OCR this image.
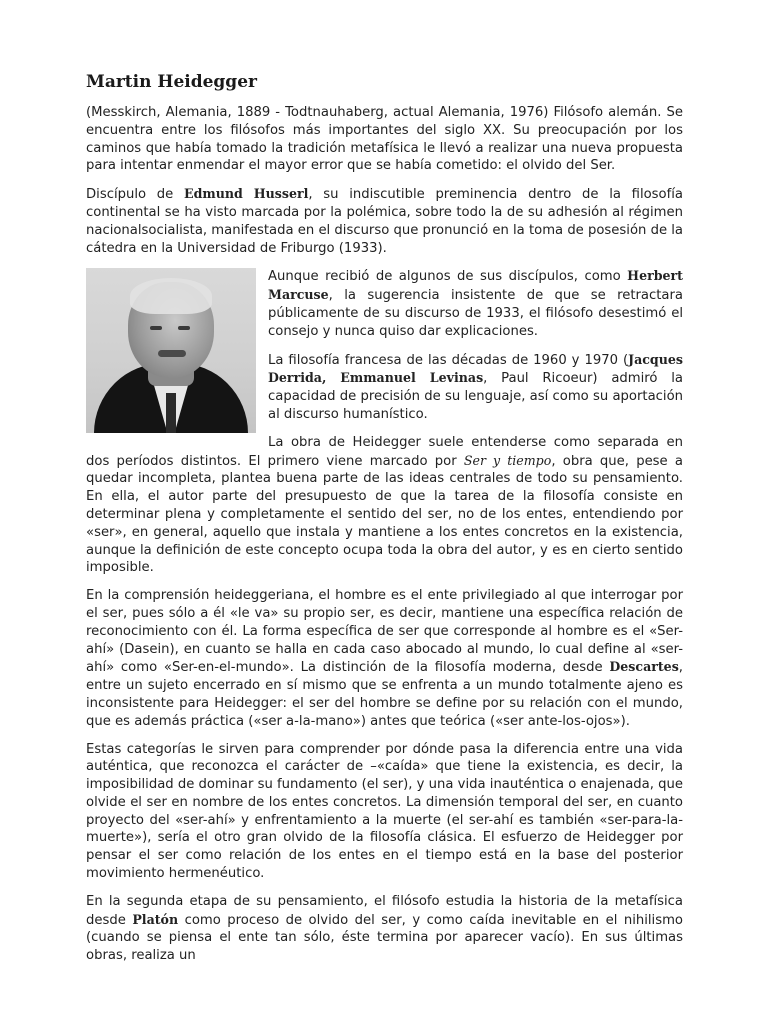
Martin Heidegger

(Messkirch, Alemania, 1889 - Todtnauhaberg, actual Alemania, 1976) Filósofo alemán. Se encuentra entre los filósofos más importantes del siglo XX. Su preocupación por los caminos que había tomado la tradición metafísica le llevó a realizar una nueva propuesta para intentar enmendar el mayor error que se había cometido: el olvido del Ser.

Discípulo de Edmund Husserl, su indiscutible preminencia dentro de la filosofía continental se ha visto marcada por la polémica, sobre todo la de su adhesión al régimen nacionalsocialista, manifestada en el discurso que pronunció en la toma de posesión de la cátedra en la Universidad de Friburgo (1933).

Aunque recibió de algunos de sus discípulos, como Herbert Marcuse, la sugerencia insistente de que se retractara públicamente de su discurso de 1933, el filósofo desestimó el consejo y nunca quiso dar explicaciones.

La filosofía francesa de las décadas de 1960 y 1970 (Jacques Derrida, Emmanuel Levinas, Paul Ricoeur) admiró la capacidad de precisión de su lenguaje, así como su aportación al discurso humanístico.

La obra de Heidegger suele entenderse como separada en dos períodos distintos. El primero viene marcado por Ser y tiempo, obra que, pese a quedar incompleta, plantea buena parte de las ideas centrales de todo su pensamiento. En ella, el autor parte del presupuesto de que la tarea de la filosofía consiste en determinar plena y completamente el sentido del ser, no de los entes, entendiendo por «ser», en general, aquello que instala y mantiene a los entes concretos en la existencia, aunque la definición de este concepto ocupa toda la obra del autor, y es en cierto sentido imposible.

En la comprensión heideggeriana, el hombre es el ente privilegiado al que interrogar por el ser, pues sólo a él «le va» su propio ser, es decir, mantiene una específica relación de reconocimiento con él. La forma específica de ser que corresponde al hombre es el «Ser-ahí» (Dasein), en cuanto se halla en cada caso abocado al mundo, lo cual define al «ser-ahí» como «Ser-en-el-mundo». La distinción de la filosofía moderna, desde Descartes, entre un sujeto encerrado en sí mismo que se enfrenta a un mundo totalmente ajeno es inconsistente para Heidegger: el ser del hombre se define por su relación con el mundo, que es además práctica («ser a-la-mano») antes que teórica («ser ante-los-ojos»).

Estas categorías le sirven para comprender por dónde pasa la diferencia entre una vida auténtica, que reconozca el carácter de –«caída» que tiene la existencia, es decir, la imposibilidad de dominar su fundamento (el ser), y una vida inauténtica o enajenada, que olvide el ser en nombre de los entes concretos. La dimensión temporal del ser, en cuanto proyecto del «ser-ahí» y enfrentamiento a la muerte (el ser-ahí es también «ser-para-la-muerte»), sería el otro gran olvido de la filosofía clásica. El esfuerzo de Heidegger por pensar el ser como relación de los entes en el tiempo está en la base del posterior movimiento hermenéutico.

En la segunda etapa de su pensamiento, el filósofo estudia la historia de la metafísica desde Platón como proceso de olvido del ser, y como caída inevitable en el nihilismo (cuando se piensa el ente tan sólo, éste termina por aparecer vacío). En sus últimas obras, realiza un
